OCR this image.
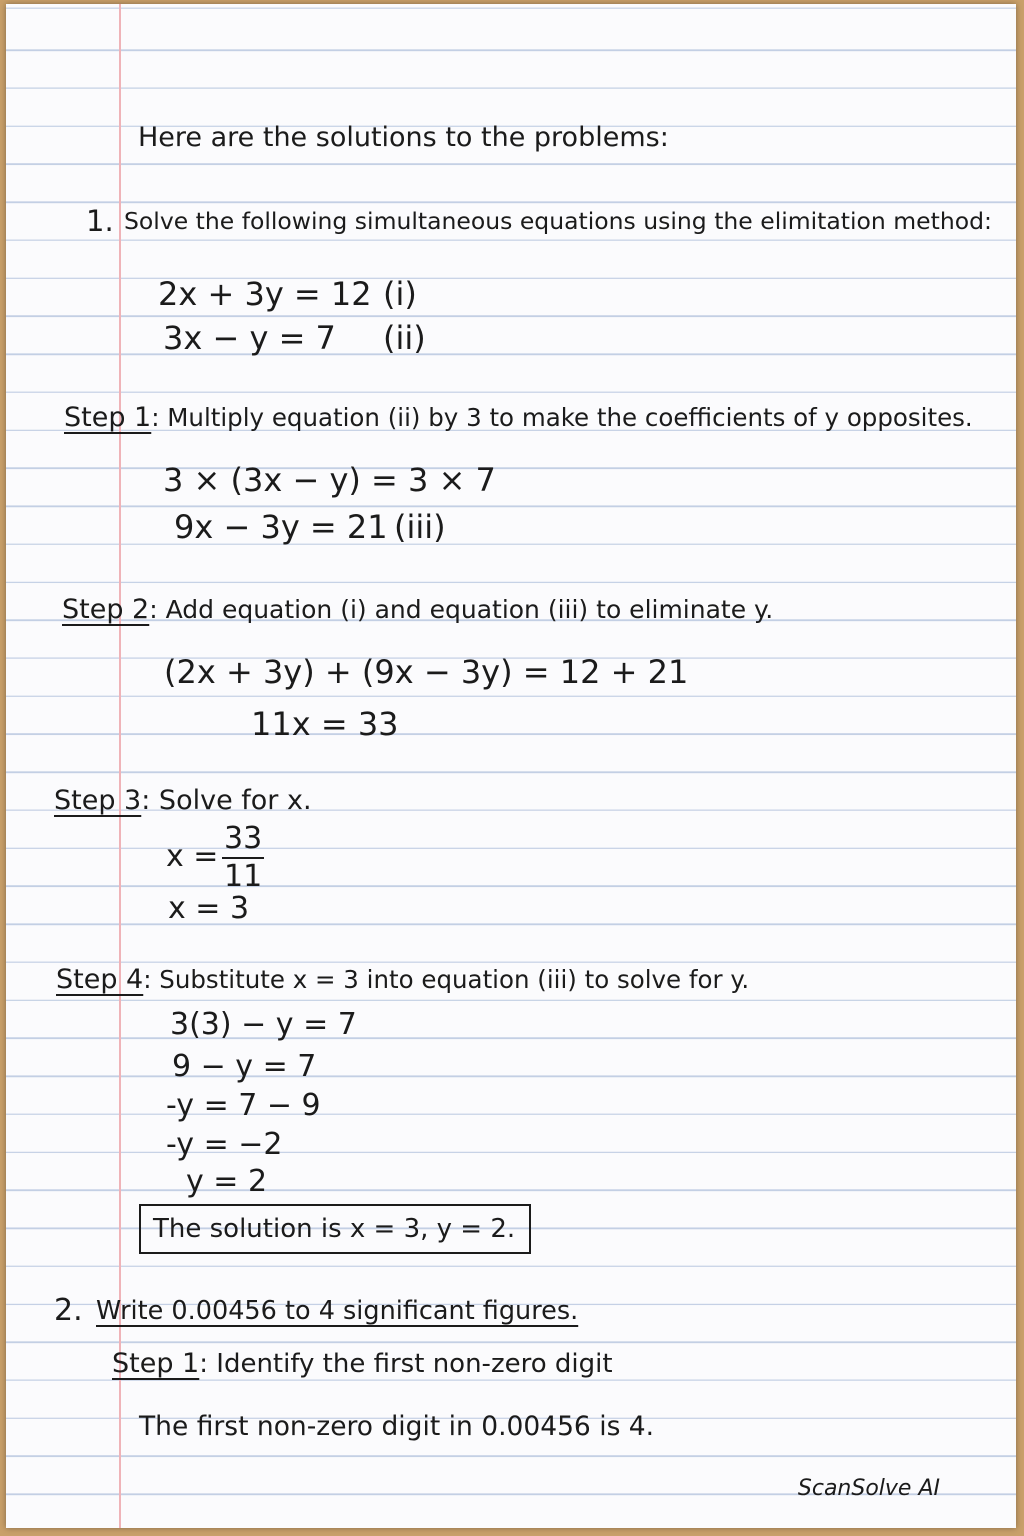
Here are the solutions to the problems:
1. Solve the following simultaneous equations using the elimitation method:
2x + 3y = 12 (i)
3x − y = 7 (ii)
Step 1: Multiply equation (ii) by 3 to make the coefficients of y opposites.
3 × (3x − y) = 3 × 7
9x − 3y = 21 (iii)
Step 2: Add equation (i) and equation (iii) to eliminate y.
(2x + 3y) + (9x − 3y) = 12 + 21
11x = 33
Step 3: Solve for x.
$x = \frac{33}{11}$
x = 3
Step 4: Substitute x = 3 into equation (iii) to solve for y.
3(3) − y = 7
9 − y = 7
-y = 7 − 9
-y = −2
y = 2
The solution is x = 3, y = 2.
2. Write 0.00456 to 4 significant figures.
Step 1: Identify the first non-zero digit
The first non-zero digit in 0.00456 is 4.
ScanSolve AI
